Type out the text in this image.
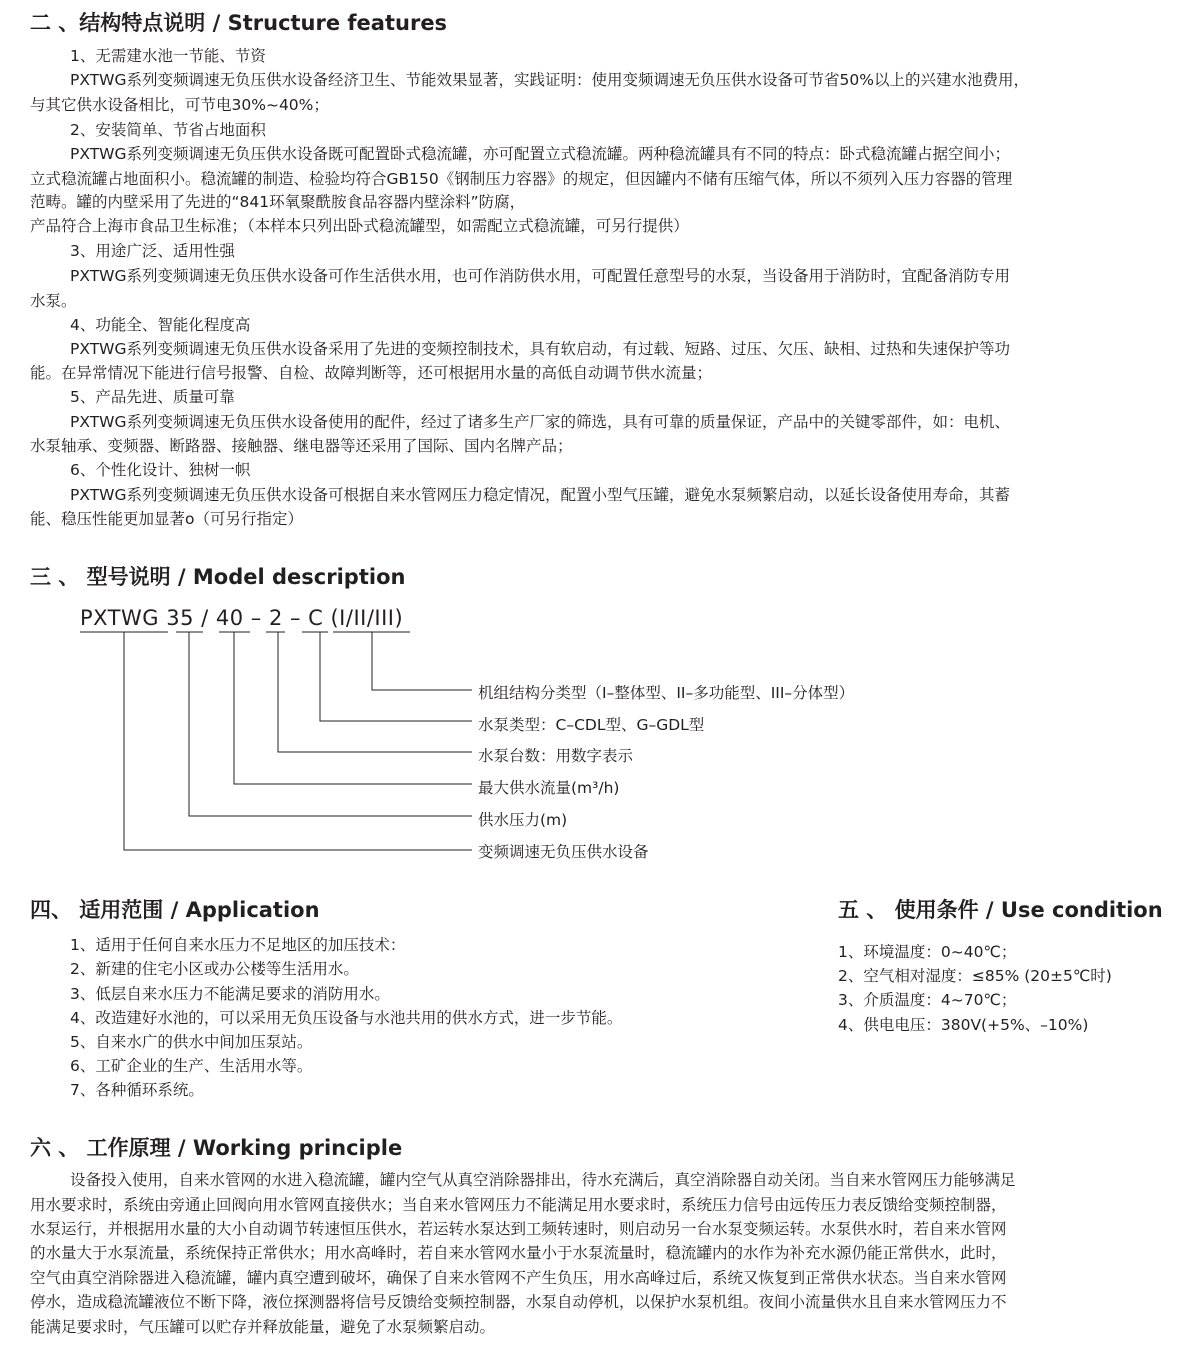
二 、结构特点说明 / Structure features
1、无需建水池一节能、节资
PXTWG系列变频调速无负压供水设备经济卫生、节能效果显著，实践证明：使用变频调速无负压供水设备可节省50%以上的兴建水池费用，
与其它供水设备相比，可节电30%~40%；
2、安装简单、节省占地面积
PXTWG系列变频调速无负压供水设备既可配置卧式稳流罐，亦可配置立式稳流罐。两种稳流罐具有不同的特点：卧式稳流罐占据空间小；
立式稳流罐占地面积小。稳流罐的制造、检验均符合GB150《钢制压力容器》的规定，但因罐内不储有压缩气体，所以不须列入压力容器的管理
范畴。罐的内壁采用了先进的“841环氧聚酰胺食品容器内壁涂料”防腐，
产品符合上海市食品卫生标准；（本样本只列出卧式稳流罐型，如需配立式稳流罐，可另行提供）
3、用途广泛、适用性强
PXTWG系列变频调速无负压供水设备可作生活供水用，也可作消防供水用，可配置任意型号的水泵，当设备用于消防时，宜配备消防专用
水泵。
4、功能全、智能化程度高
PXTWG系列变频调速无负压供水设备采用了先进的变频控制技术，具有软启动，有过载、短路、过压、欠压、缺相、过热和失速保护等功
能。在异常情况下能进行信号报警、自检、故障判断等，还可根据用水量的高低自动调节供水流量；
5、产品先进、质量可靠
PXTWG系列变频调速无负压供水设备使用的配件，经过了诸多生产厂家的筛选，具有可靠的质量保证，产品中的关键零部件，如：电机、
水泵轴承、变频器、断路器、接触器、继电器等还采用了国际、国内名牌产品；
6、个性化设计、独树一帜
PXTWG系列变频调速无负压供水设备可根据自来水管网压力稳定情况，配置小型气压罐，避免水泵频繁启动，以延长设备使用寿命，其蓄
能、稳压性能更加显著o（可另行指定）
三 、 型号说明 / Model description
PXTWG 35 / 40 – 2 – C (I/II/III)
机组结构分类型（I–整体型、II–多功能型、III–分体型）
水泵类型：C–CDL型、G–GDL型
水泵台数：用数字表示
最大供水流量(m³/h)
供水压力(m)
变频调速无负压供水设备
四、 适用范围 / Application
1、适用于任何自来水压力不足地区的加压技术：
2、新建的住宅小区或办公楼等生活用水。
3、低层自来水压力不能满足要求的消防用水。
4、改造建好水池的，可以采用无负压设备与水池共用的供水方式，进一步节能。
5、自来水广的供水中间加压泵站。
6、工矿企业的生产、生活用水等。
7、各种循环系统。
五 、 使用条件 / Use condition
1、环境温度：0~40℃；
2、空气相对湿度：≤85% (20±5℃时)
3、介质温度：4~70℃；
4、供电电压：380V(+5%、–10%)
六 、 工作原理 / Working principle
设备投入使用，自来水管网的水进入稳流罐，罐内空气从真空消除器排出，待水充满后，真空消除器自动关闭。当自来水管网压力能够满足
用水要求时，系统由旁通止回阀向用水管网直接供水；当自来水管网压力不能满足用水要求时，系统压力信号由远传压力表反馈给变频控制器，
水泵运行，并根据用水量的大小自动调节转速恒压供水，若运转水泵达到工频转速时，则启动另一台水泵变频运转。水泵供水时，若自来水管网
的水量大于水泵流量，系统保持正常供水；用水高峰时，若自来水管网水量小于水泵流量时，稳流罐内的水作为补充水源仍能正常供水，此时，
空气由真空消除器进入稳流罐，罐内真空遭到破坏，确保了自来水管网不产生负压，用水高峰过后，系统又恢复到正常供水状态。当自来水管网
停水，造成稳流罐液位不断下降，液位探测器将信号反馈给变频控制器，水泵自动停机，以保护水泵机组。夜间小流量供水且自来水管网压力不
能满足要求时，气压罐可以贮存并释放能量，避免了水泵频繁启动。
